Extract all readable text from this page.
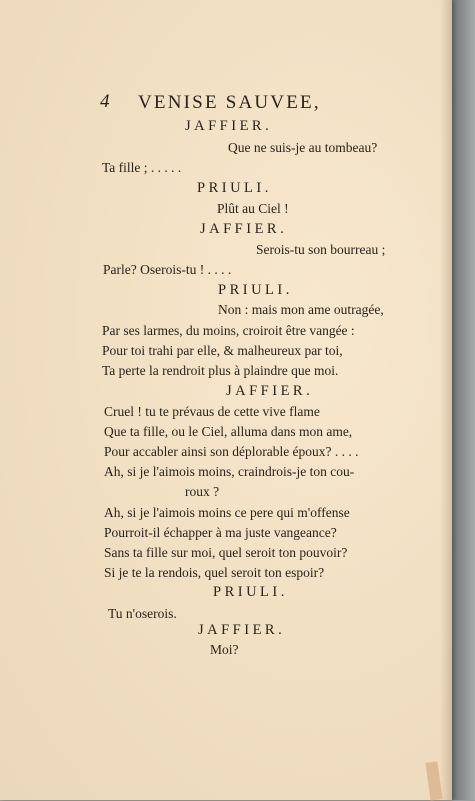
4 VENISE SAUVEE,
JAFFIER.
Que ne suis-je au tombeau?
Ta fille ; . . . . .
PRIULI.
Plût au Ciel !
JAFFIER.
Serois-tu son bourreau ;
Parle? Oserois-tu ! . . . .
PRIULI.
Non : mais mon ame outragée,
Par ses larmes, du moins, croiroit être vangée :
Pour toi trahi par elle, & malheureux par toi,
Ta perte la rendroit plus à plaindre que moi.
JAFFIER.
Cruel ! tu te prévaus de cette vive flame
Que ta fille, ou le Ciel, alluma dans mon ame,
Pour accabler ainsi son déplorable époux? . . . .
Ah, si je l'aimois moins, craindrois-je ton cou-
roux ?
Ah, si je l'aimois moins ce pere qui m'offense
Pourroit-il échapper à ma juste vangeance?
Sans ta fille sur moi, quel seroit ton pouvoir?
Si je te la rendois, quel seroit ton espoir?
PRIULI.
Tu n'oserois.
JAFFIER.
Moi?
